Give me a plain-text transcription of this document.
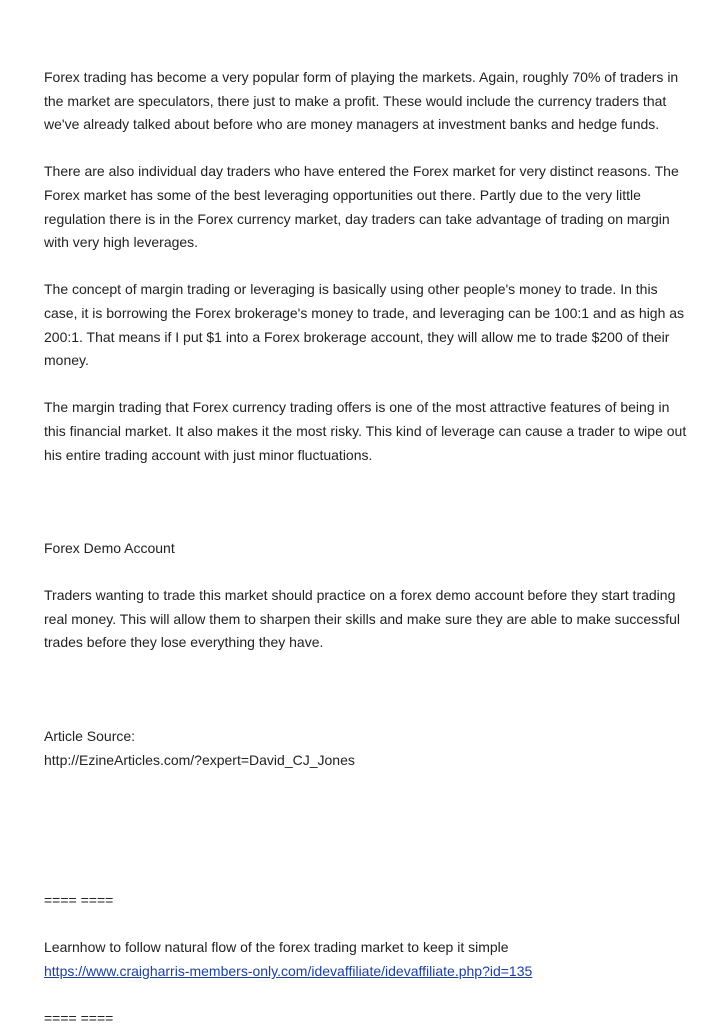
Forex trading has become a very popular form of playing the markets. Again, roughly 70% of traders in the market are speculators, there just to make a profit. These would include the currency traders that we've already talked about before who are money managers at investment banks and hedge funds.

There are also individual day traders who have entered the Forex market for very distinct reasons. The Forex market has some of the best leveraging opportunities out there. Partly due to the very little regulation there is in the Forex currency market, day traders can take advantage of trading on margin with very high leverages.

The concept of margin trading or leveraging is basically using other people's money to trade. In this case, it is borrowing the Forex brokerage's money to trade, and leveraging can be 100:1 and as high as 200:1. That means if I put $1 into a Forex brokerage account, they will allow me to trade $200 of their money.

The margin trading that Forex currency trading offers is one of the most attractive features of being in this financial market. It also makes it the most risky. This kind of leverage can cause a trader to wipe out his entire trading account with just minor fluctuations.

Forex Demo Account

Traders wanting to trade this market should practice on a forex demo account before they start trading real money. This will allow them to sharpen their skills and make sure they are able to make successful trades before they lose everything they have.

Article Source:

http://EzineArticles.com/?expert=David_CJ_Jones

==== ====

Learnhow to follow natural flow of the forex trading market to keep it simple

https://www.craigharris-members-only.com/idevaffiliate/idevaffiliate.php?id=135

==== ====
